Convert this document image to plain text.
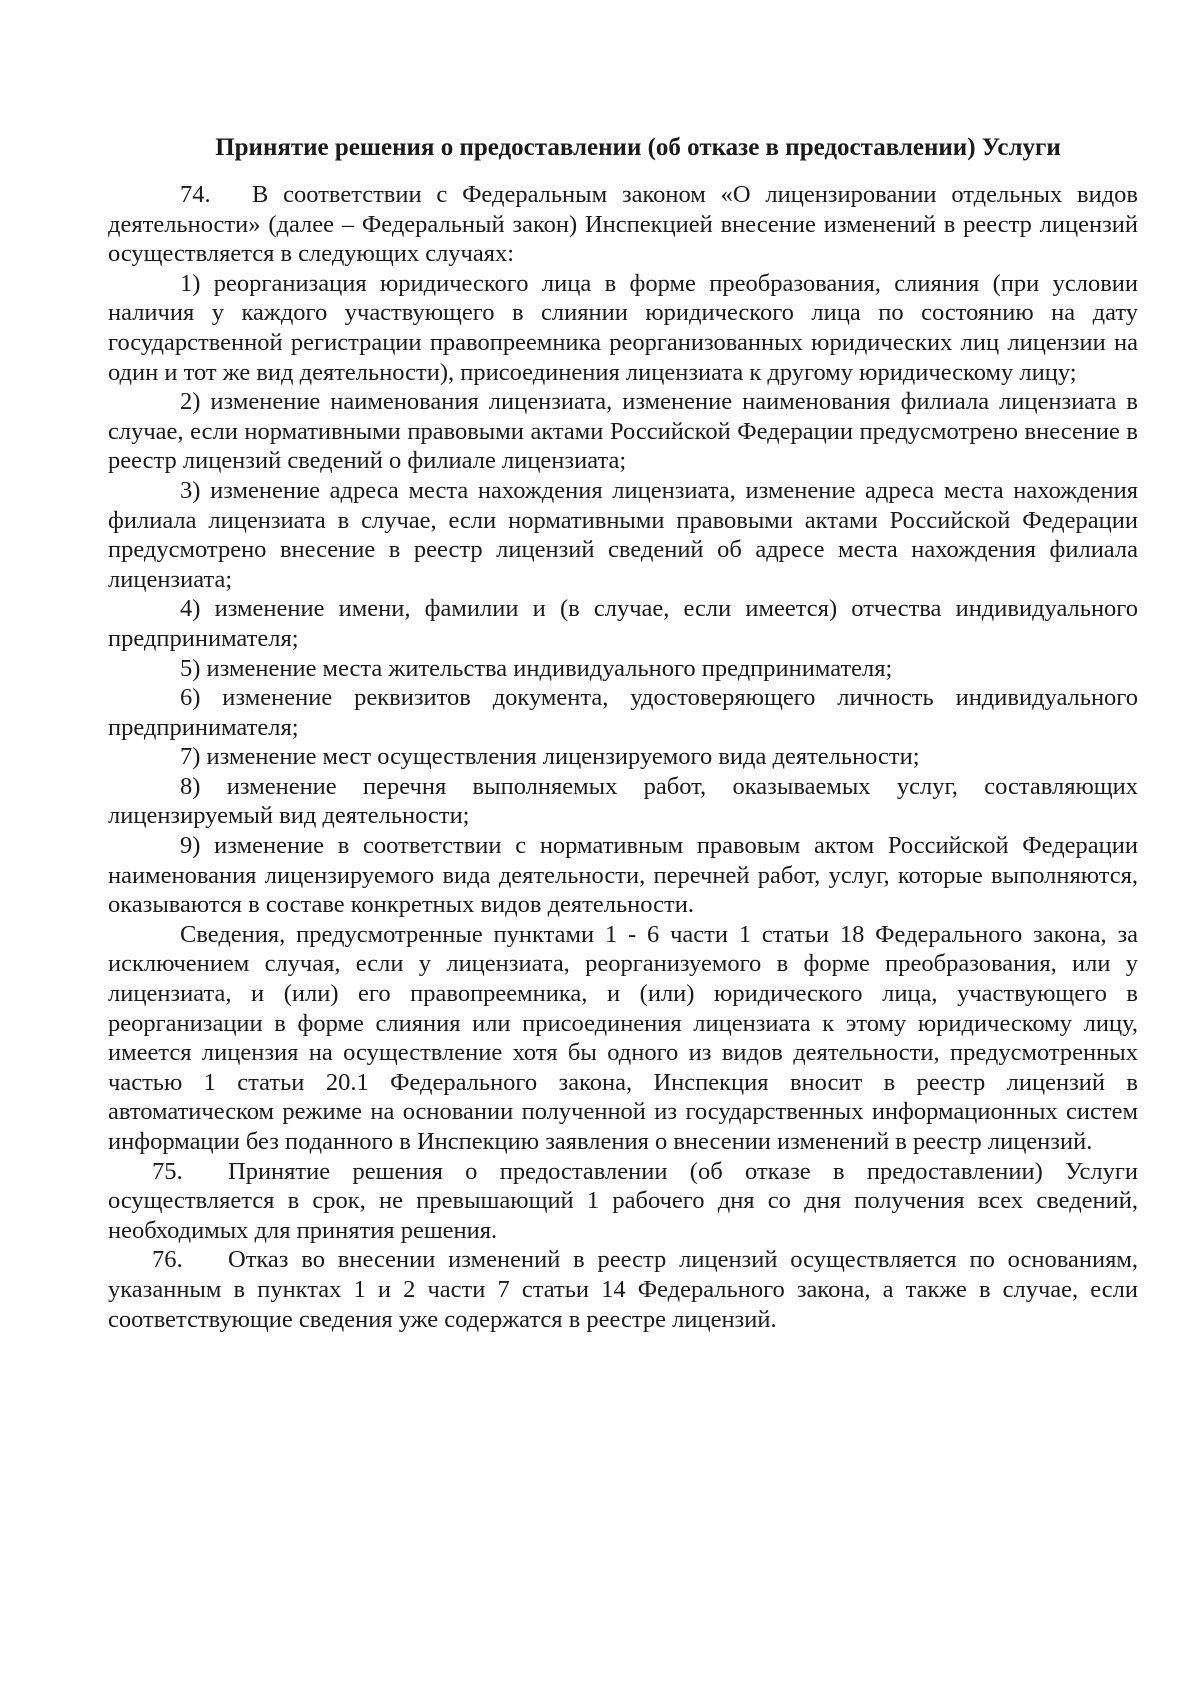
Принятие решения о предоставлении (об отказе в предоставлении) Услуги

74. В соответствии с Федеральным законом «О лицензировании отдельных видов деятельности» (далее – Федеральный закон) Инспекцией внесение изменений в реестр лицензий осуществляется в следующих случаях:

1) реорганизация юридического лица в форме преобразования, слияния (при условии наличия у каждого участвующего в слиянии юридического лица по состоянию на дату государственной регистрации правопреемника реорганизованных юридических лиц лицензии на один и тот же вид деятельности), присоединения лицензиата к другому юридическому лицу;

2) изменение наименования лицензиата, изменение наименования филиала лицензиата в случае, если нормативными правовыми актами Российской Федерации предусмотрено внесение в реестр лицензий сведений о филиале лицензиата;

3) изменение адреса места нахождения лицензиата, изменение адреса места нахождения филиала лицензиата в случае, если нормативными правовыми актами Российской Федерации предусмотрено внесение в реестр лицензий сведений об адресе места нахождения филиала лицензиата;

4) изменение имени, фамилии и (в случае, если имеется) отчества индивидуального предпринимателя;

5) изменение места жительства индивидуального предпринимателя;

6) изменение реквизитов документа, удостоверяющего личность индивидуального предпринимателя;

7) изменение мест осуществления лицензируемого вида деятельности;

8) изменение перечня выполняемых работ, оказываемых услуг, составляющих лицензируемый вид деятельности;

9) изменение в соответствии с нормативным правовым актом Российской Федерации наименования лицензируемого вида деятельности, перечней работ, услуг, которые выполняются, оказываются в составе конкретных видов деятельности.

Сведения, предусмотренные пунктами 1 - 6 части 1 статьи 18 Федерального закона, за исключением случая, если у лицензиата, реорганизуемого в форме преобразования, или у лицензиата, и (или) его правопреемника, и (или) юридического лица, участвующего в реорганизации в форме слияния или присоединения лицензиата к этому юридическому лицу, имеется лицензия на осуществление хотя бы одного из видов деятельности, предусмотренных частью 1 статьи 20.1 Федерального закона, Инспекция вносит в реестр лицензий в автоматическом режиме на основании полученной из государственных информационных систем информации без поданного в Инспекцию заявления о внесении изменений в реестр лицензий.

75. Принятие решения о предоставлении (об отказе в предоставлении) Услуги осуществляется в срок, не превышающий 1 рабочего дня со дня получения всех сведений, необходимых для принятия решения.

76. Отказ во внесении изменений в реестр лицензий осуществляется по основаниям, указанным в пунктах 1 и 2 части 7 статьи 14 Федерального закона, а также в случае, если соответствующие сведения уже содержатся в реестре лицензий.
